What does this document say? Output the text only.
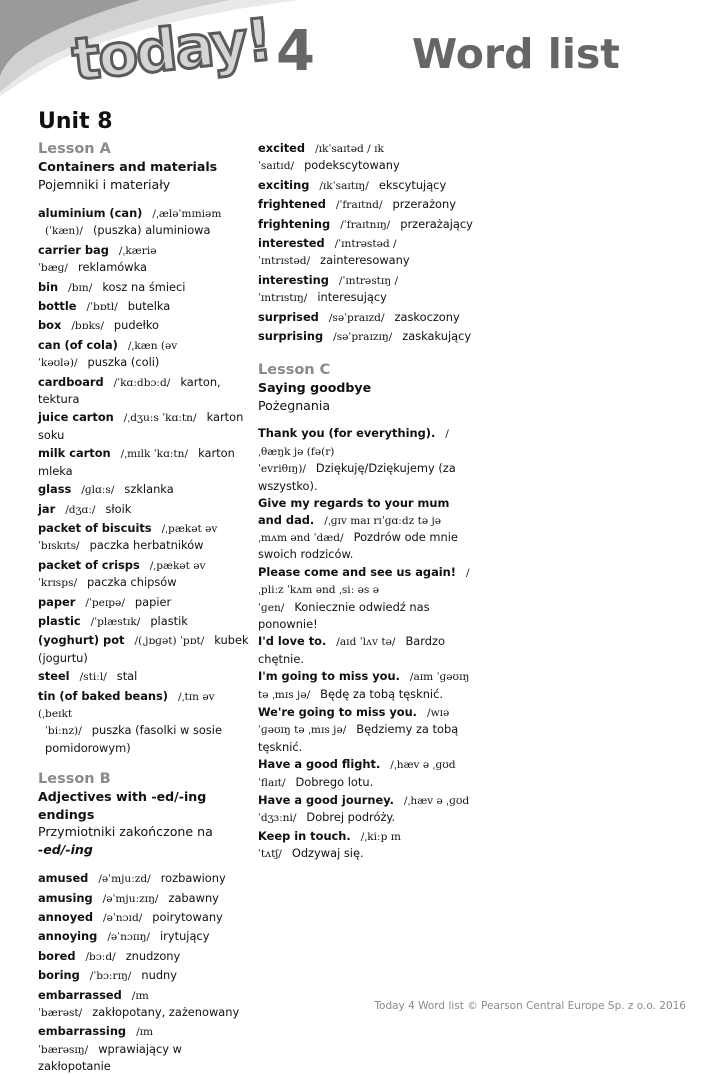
today! 4 Word list
Unit 8
Lesson A
Containers and materials
Pojemniki i materiały
aluminium (can) /ˌæləˈmɪniəm
(ˈkæn)/ (puszka) aluminiowa
carrier bag /ˌkæriə ˈbæɡ/ reklamówka
bin /bɪn/ kosz na śmieci
bottle /ˈbɒtl/ butelka
box /bɒks/ pudełko
can (of cola) /ˌkæn (əv ˈkəʊlə)/ puszka (coli)
cardboard /ˈkɑːdbɔːd/ karton, tektura
juice carton /ˌdʒuːs ˈkɑːtn/ karton soku
milk carton /ˌmɪlk ˈkɑːtn/ karton mleka
glass /ɡlɑːs/ szklanka
jar /dʒɑː/ słoik
packet of biscuits /ˌpækət əv ˈbɪskɪts/ paczka herbatników
packet of crisps /ˌpækət əv ˈkrɪsps/ paczka chipsów
paper /ˈpeɪpə/ papier
plastic /ˈplæstɪk/ plastik
(yoghurt) pot /(ˌjɒɡət) ˈpɒt/ kubek (jogurtu)
steel /stiːl/ stal
tin (of baked beans) /ˌtɪn əv (ˌbeɪkt
ˈbiːnz)/ puszka (fasolki w sosie pomidorowym)
Lesson B
Adjectives with -ed/-ing endings
Przymiotniki zakończone na
-ed/-ing
amused /əˈmjuːzd/ rozbawiony
amusing /əˈmjuːzɪŋ/ zabawny
annoyed /əˈnɔɪd/ poirytowany
annoying /əˈnɔɪɪŋ/ irytujący
bored /bɔːd/ znudzony
boring /ˈbɔːrɪŋ/ nudny
embarrassed /ɪmˈbærəst/ zakłopotany, zażenowany
embarrassing /ɪmˈbærəsɪŋ/ wprawiający w zakłopotanie
excited /ɪkˈsaɪtəd / ɪkˈsaɪtɪd/ podekscytowany
exciting /ɪkˈsaɪtɪŋ/ ekscytujący
frightened /ˈfraɪtnd/ przerażony
frightening /ˈfraɪtnɪŋ/ przerażający
interested /ˈɪntrəstəd / ˈɪntrɪstəd/ zainteresowany
interesting /ˈɪntrəstɪŋ / ˈɪntrɪstɪŋ/ interesujący
surprised /səˈpraɪzd/ zaskoczony
surprising /səˈpraɪzɪŋ/ zaskakujący
Lesson C
Saying goodbye
Pożegnania
Thank you (for everything). /ˌθæŋk jə (fə(r) ˈevriθɪŋ)/ Dziękuję/Dziękujemy (za wszystko).
Give my regards to your mum and dad. /ˌɡɪv maɪ rɪˈɡɑːdz tə jə ˌmʌm ənd ˈdæd/ Pozdrów ode mnie swoich rodziców.
Please come and see us again! /ˌpliːz ˈkʌm ənd ˌsiː əs əˈɡen/ Koniecznie odwiedź nas ponownie!
I'd love to. /aɪd ˈlʌv tə/ Bardzo chętnie.
I'm going to miss you. /aɪm ˈɡəʊɪŋ tə ˌmɪs jə/ Będę za tobą tęsknić.
We're going to miss you. /wɪə ˈɡəʊɪŋ tə ˌmɪs jə/ Będziemy za tobą tęsknić.
Have a good flight. /ˌhæv ə ˌɡʊd ˈflaɪt/ Dobrego lotu.
Have a good journey. /ˌhæv ə ˌɡʊd ˈdʒɜːni/ Dobrej podróży.
Keep in touch. /ˌkiːp ɪn ˈtʌtʃ/ Odzywaj się.
Today 4 Word list © Pearson Central Europe Sp. z o.o. 2016
